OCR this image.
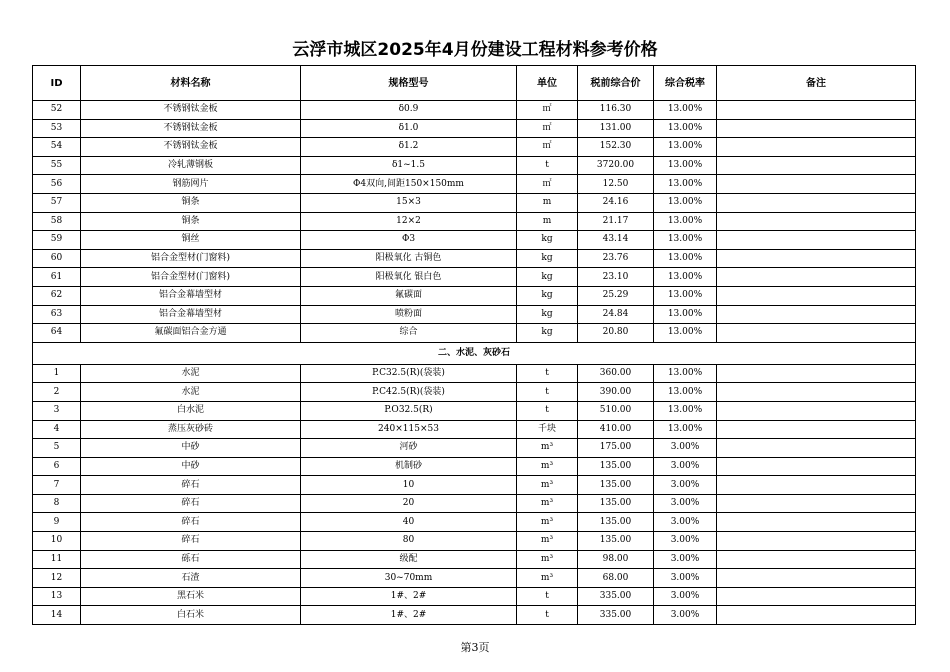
云浮市城区2025年4月份建设工程材料参考价格
ID	材料名称	规格型号	单位	税前综合价	综合税率	备注
52	不锈钢钛金板	δ0.9	㎡	116.30	13.00%	
53	不锈钢钛金板	δ1.0	㎡	131.00	13.00%	
54	不锈钢钛金板	δ1.2	㎡	152.30	13.00%	
55	冷轧薄钢板	δ1~1.5	t	3720.00	13.00%	
56	钢筋网片	Φ4双向,间距150×150mm	㎡	12.50	13.00%	
57	铜条	15×3	m	24.16	13.00%	
58	铜条	12×2	m	21.17	13.00%	
59	铜丝	Φ3	kg	43.14	13.00%	
60	铝合金型材(门窗料)	阳极氧化 古铜色	kg	23.76	13.00%	
61	铝合金型材(门窗料)	阳极氧化 银白色	kg	23.10	13.00%	
62	铝合金幕墙型材	氟碳面	kg	25.29	13.00%	
63	铝合金幕墙型材	喷粉面	kg	24.84	13.00%	
64	氟碳面铝合金方通	综合	kg	20.80	13.00%	
二、水泥、灰砂石						
1	水泥	P.C32.5(R)(袋装)	t	360.00	13.00%	
2	水泥	P.C42.5(R)(袋装)	t	390.00	13.00%	
3	白水泥	P.O32.5(R)	t	510.00	13.00%	
4	蒸压灰砂砖	240×115×53	千块	410.00	13.00%	
5	中砂	河砂	m³	175.00	3.00%	
6	中砂	机制砂	m³	135.00	3.00%	
7	碎石	10	m³	135.00	3.00%	
8	碎石	20	m³	135.00	3.00%	
9	碎石	40	m³	135.00	3.00%	
10	碎石	80	m³	135.00	3.00%	
11	砾石	级配	m³	98.00	3.00%	
12	石渣	30~70mm	m³	68.00	3.00%	
13	黑石米	1#、2#	t	335.00	3.00%	
14	白石米	1#、2#	t	335.00	3.00%	
第3页
